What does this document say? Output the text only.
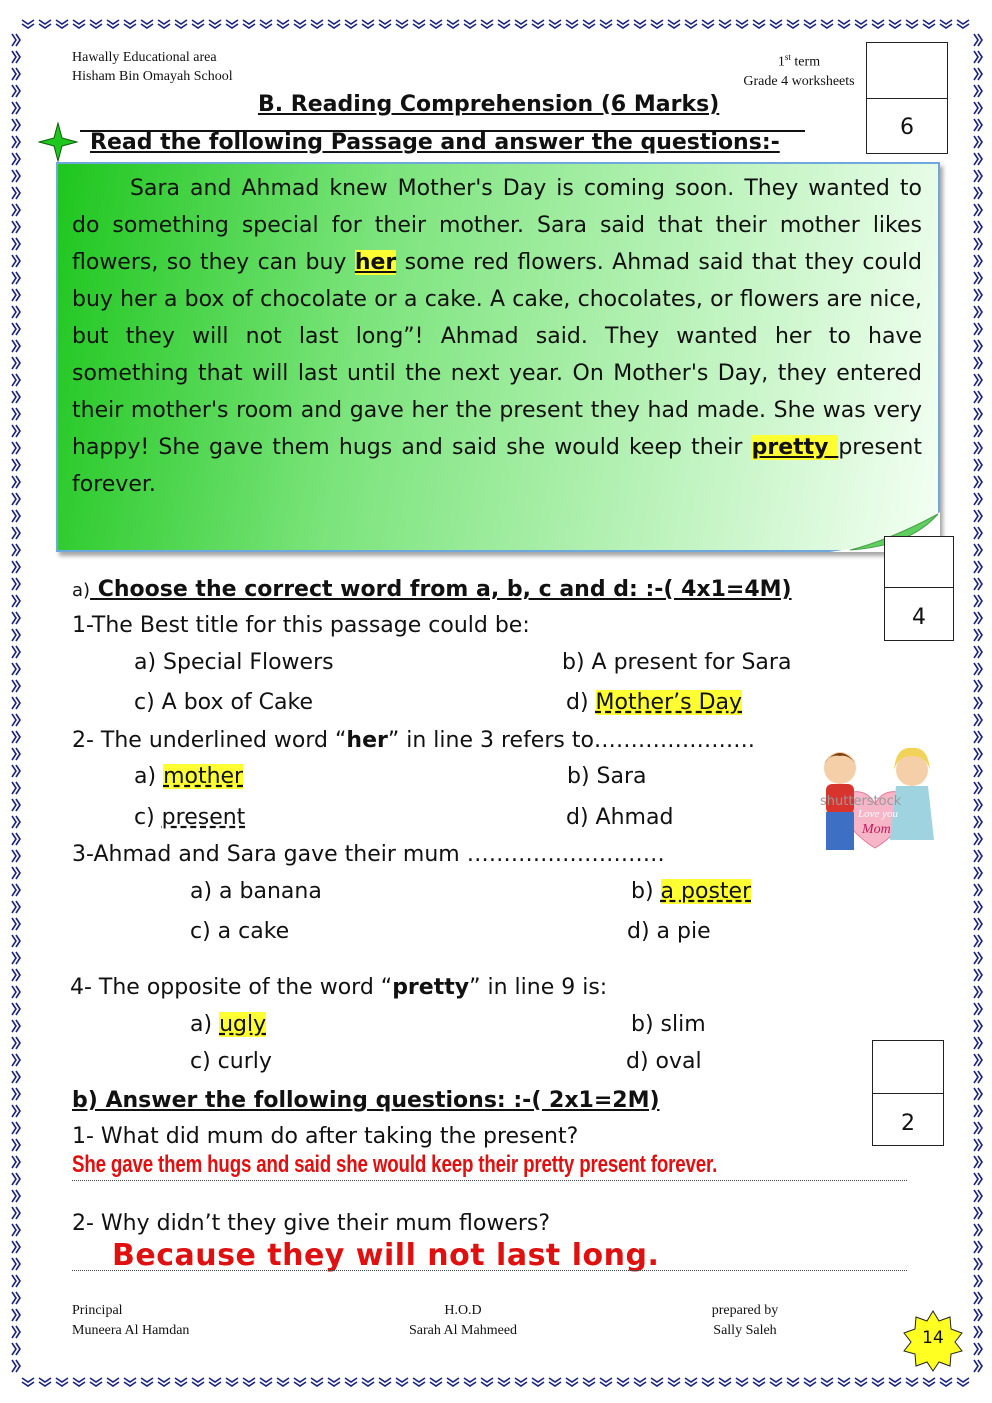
Hawally Educational area
Hisham Bin Omayah School
1st term
Grade 4 worksheets
6
B. Reading Comprehension (6 Marks)
Read the following Passage and answer the questions:-
Sara and Ahmad knew Mother's Day is coming soon. They wanted to do something special for their mother. Sara said that their mother likes flowers, so they can buy her some red flowers. Ahmad said that they could buy her a box of chocolate or a cake. A cake, chocolates, or flowers are nice, but they will not last long”! Ahmad said. They wanted her to have something that will last until the next year. On Mother's Day, they entered their mother's room and gave her the present they had made. She was very happy! She gave them hugs and said she would keep their pretty present forever.
4
a) Choose the correct word from a, b, c and d: :-( 4x1=4M)
1-The Best title for this passage could be:
a) Special Flowers	b) A present for Sara
c) A box of Cake	d) Mother’s Day
2- The underlined word “her” in line 3 refers to………………….
a) mother	b) Sara
c) present	d) Ahmad
shutterstock
Love you
Mom
3-Ahmad and Sara gave their mum ………………………
a) a banana	b) a poster
c) a cake	d) a pie
4- The opposite of the word “pretty” in line 9 is:
a) ugly	b) slim
c) curly	d) oval
2
b) Answer the following questions: :-( 2x1=2M)
1- What did mum do after taking the present?
She gave them hugs and said she would keep their pretty present forever.
2- Why didn’t they give their mum flowers?
Because they will not last long.
Principal
Muneera Al Hamdan
H.O.D
Sarah Al Mahmeed
prepared by
Sally Saleh	14
